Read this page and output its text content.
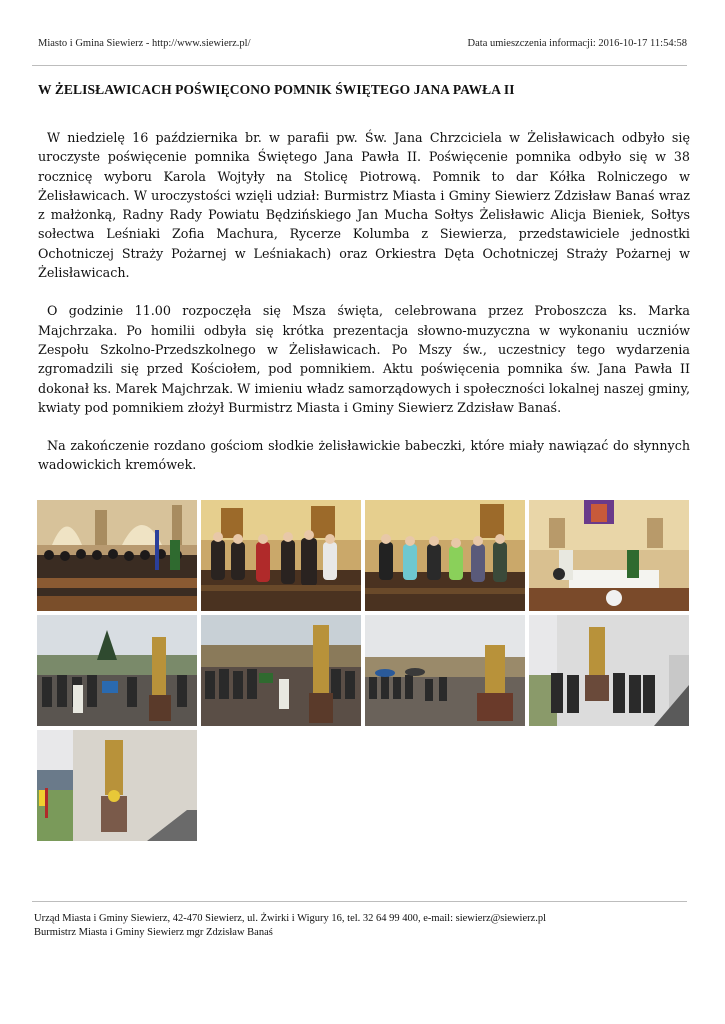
Miasto i Gmina Siewierz - http://www.siewierz.pl/	Data umieszczenia informacji: 2016-10-17 11:54:58
W ŻELISŁAWICACH POŚWIĘCONO POMNIK ŚWIĘTEGO JANA PAWŁA II

W niedzielę 16 października br. w parafii pw. Św. Jana Chrzciciela w Żelisławicach odbyło się uroczyste poświęcenie pomnika Świętego Jana Pawła II. Poświęcenie pomnika odbyło się w 38 rocznicę wyboru Karola Wojtyły na Stolicę Piotrową. Pomnik to dar Kółka Rolniczego w Żelisławicach. W uroczystości wzięli udział: Burmistrz Miasta i Gminy Siewierz Zdzisław Banaś wraz z małżonką, Radny Rady Powiatu Będzińskiego Jan Mucha Sołtys Żelisławic Alicja Bieniek, Sołtys sołectwa Leśniaki Zofia Machura, Rycerze Kolumba z Siewierza, przedstawiciele jednostki Ochotniczej Straży Pożarnej w Leśniakach) oraz Orkiestra Dęta Ochotniczej Straży Pożarnej w Żelisławicach.

O godzinie 11.00 rozpoczęła się Msza święta, celebrowana przez Proboszcza ks. Marka Majchrzaka. Po homilii odbyła się krótka prezentacja słowno-muzyczna w wykonaniu uczniów Zespołu Szkolno-Przedszkolnego w Żelisławicach. Po Mszy św., uczestnicy tego wydarzenia zgromadzili się przed Kościołem, pod pomnikiem. Aktu poświęcenia pomnika św. Jana Pawła II dokonał ks. Marek Majchrzak. W imieniu władz samorządowych i społeczności lokalnej naszej gminy, kwiaty pod pomnikiem złożył Burmistrz Miasta i Gminy Siewierz Zdzisław Banaś.

Na zakończenie rozdano gościom słodkie żelisławickie babeczki, które miały nawiązać do słynnych wadowickich kremówek.

Urząd Miasta i Gminy Siewierz, 42-470 Siewierz, ul. Żwirki i Wigury 16, tel. 32 64 99 400, e-mail: siewierz@siewierz.pl
Burmistrz Miasta i Gminy Siewierz mgr Zdzisław Banaś
